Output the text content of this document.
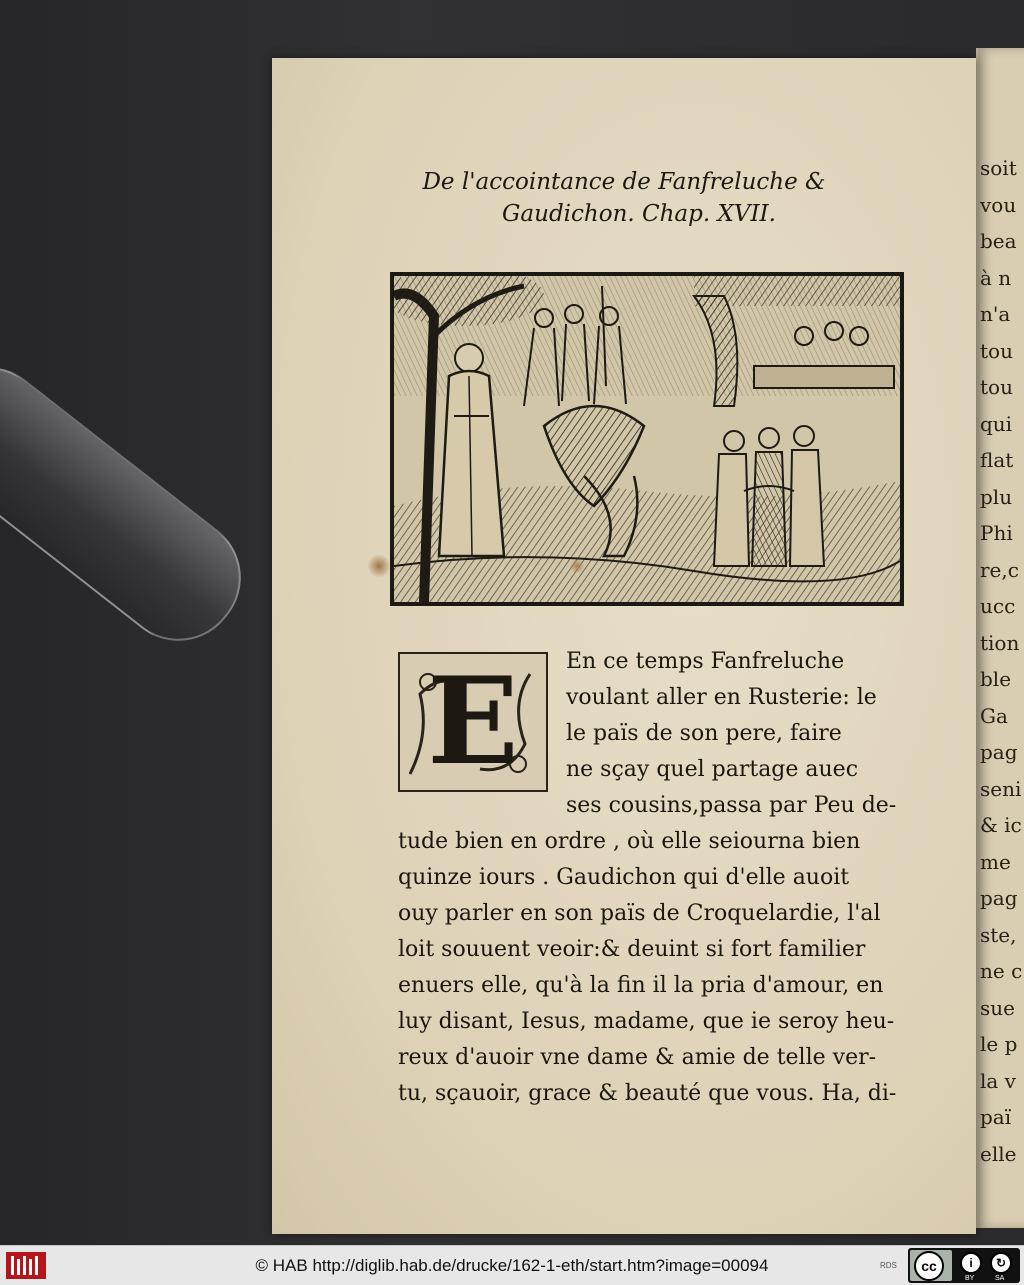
soit
vou
bea
à n
n'a
tou
tou
qui
flat
plu
Phi
re,c
ucc
tion
ble
Ga
pag
seni
& ic
me
pag
ste,
ne c
sue
le p
la v
paï
elle
De l'accointance de Fanfreluche &
Gaudichon. Chap. XVII.
E	En ce temps Fanfreluche
voulant aller en Rusterie: le
le païs de son pere, faire
ne sçay quel partage auec
ses cousins,passa par Peu de-
tude bien en ordre , où elle seiourna bien
quinze iours . Gaudichon qui d'elle auoit
ouy parler en son païs de Croquelardie, l'al
loit souuent veoir:& deuint si fort familier
enuers elle, qu'à la fin il la pria d'amour, en
luy disant, Iesus, madame, que ie seroy heu-
reux d'auoir vne dame & amie de telle ver-
tu, sçauoir, grace & beauté que vous. Ha, di-
© HAB http://diglib.hab.de/drucke/162-1-eth/start.htm?image=00094	RDS	cc	i	↻
BY	SA
